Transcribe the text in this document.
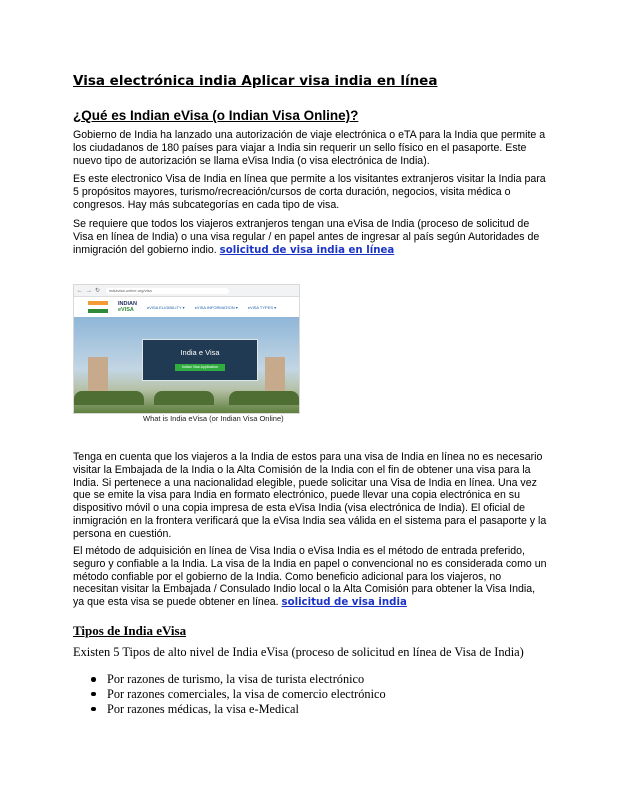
Visa electrónica india Aplicar visa india en línea
¿Qué es Indian eVisa (o Indian Visa Online)?

Gobierno de India ha lanzado una autorización de viaje electrónica o eTA para la India que permite a los ciudadanos de 180 países para viajar a India sin requerir un sello físico en el pasaporte. Este nuevo tipo de autorización se llama eVisa India (o visa electrónica de India).

Es este electronico Visa de India en línea que permite a los visitantes extranjeros visitar la India para 5 propósitos mayores, turismo/recreación/cursos de corta duración, negocios, visita médica o congresos. Hay más subcategorías en cada tipo de visa.

Se requiere que todos los viajeros extranjeros tengan una eVisa de India (proceso de solicitud de Visa en línea de India) o una visa regular / en papel antes de ingresar al país según Autoridades de inmigración del gobierno indio. solicitud de visa india en línea

← → ↻	indiavisa-online.org/visa
INDIAN
eVISA	eVISA ELIGIBILITY ▾	eVISA INFORMATION ▾	eVISA TYPES ▾
India e Visa
Indian Visa Application
What is India eVisa (or Indian Visa Online)

Tenga en cuenta que los viajeros a la India de estos para una visa de India en línea no es necesario visitar la Embajada de la India o la Alta Comisión de la India con el fin de obtener una visa para la India. Si pertenece a una nacionalidad elegible, puede solicitar una Visa de India en línea. Una vez que se emite la visa para India en formato electrónico, puede llevar una copia electrónica en su dispositivo móvil o una copia impresa de esta eVisa India (visa electrónica de India). El oficial de inmigración en la frontera verificará que la eVisa India sea válida en el sistema para el pasaporte y la persona en cuestión.

El método de adquisición en línea de Visa India o eVisa India es el método de entrada preferido, seguro y confiable a la India. La visa de la India en papel o convencional no es considerada como un método confiable por el gobierno de la India. Como beneficio adicional para los viajeros, no necesitan visitar la Embajada / Consulado Indio local o la Alta Comisión para obtener la Visa India, ya que esta visa se puede obtener en línea. solicitud de visa india

Tipos de India eVisa
Existen 5 Tipos de alto nivel de India eVisa (proceso de solicitud en línea de Visa de India)
Por razones de turismo, la visa de turista electrónico
Por razones comerciales, la visa de comercio electrónico
Por razones médicas, la visa e-Medical
